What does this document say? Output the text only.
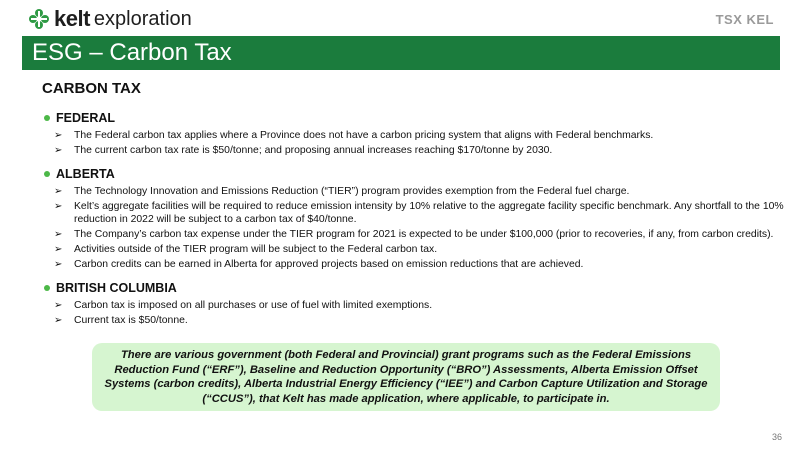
kelt exploration	TSX KEL
ESG – Carbon Tax
CARBON TAX
FEDERAL
➢ The Federal carbon tax applies where a Province does not have a carbon pricing system that aligns with Federal benchmarks.
➢ The current carbon tax rate is $50/tonne; and proposing annual increases reaching $170/tonne by 2030.
ALBERTA
➢ The Technology Innovation and Emissions Reduction (“TIER”) program provides exemption from the Federal fuel charge.
➢ Kelt’s aggregate facilities will be required to reduce emission intensity by 10% relative to the aggregate facility specific benchmark. Any shortfall to the 10% reduction in 2022 will be subject to a carbon tax of $40/tonne.
➢ The Company’s carbon tax expense under the TIER program for 2021 is expected to be under $100,000 (prior to recoveries, if any, from carbon credits).
➢ Activities outside of the TIER program will be subject to the Federal carbon tax.
➢ Carbon credits can be earned in Alberta for approved projects based on emission reductions that are achieved.
BRITISH COLUMBIA
➢ Carbon tax is imposed on all purchases or use of fuel with limited exemptions.
➢ Current tax is $50/tonne.
There are various government (both Federal and Provincial) grant programs such as the Federal Emissions Reduction Fund (“ERF”), Baseline and Reduction Opportunity (“BRO”) Assessments, Alberta Emission Offset Systems (carbon credits), Alberta Industrial Energy Efficiency (“IEE”) and Carbon Capture Utilization and Storage (“CCUS”), that Kelt has made application, where applicable, to participate in.
36
